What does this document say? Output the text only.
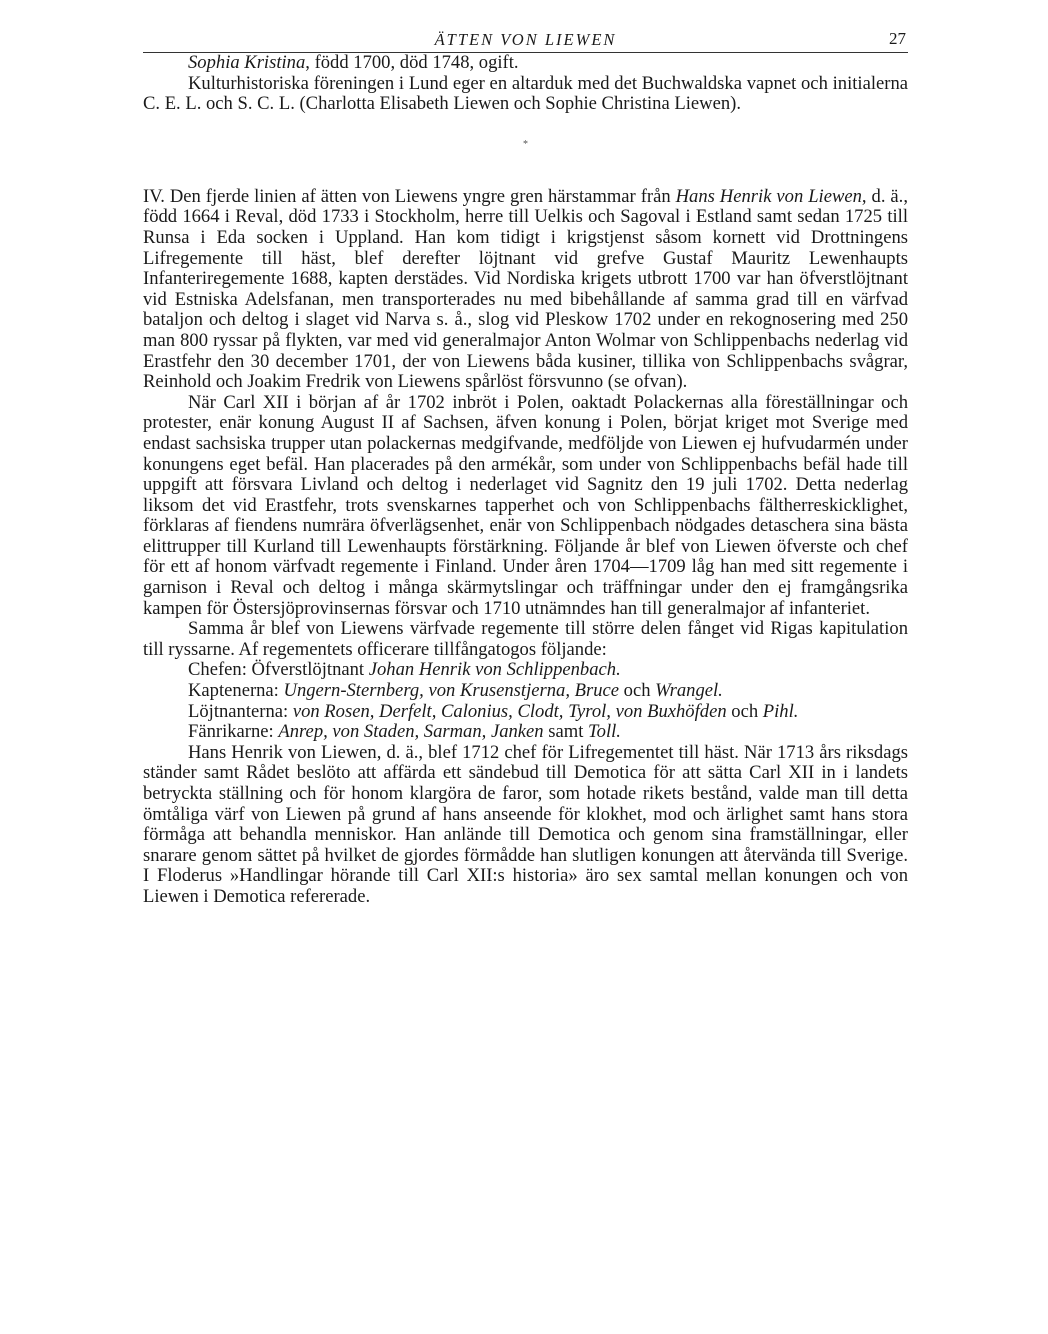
ÄTTEN VON LIEWEN	27

Sophia Kristina, född 1700, död 1748, ogift.

Kulturhistoriska föreningen i Lund eger en altarduk med det Buchwaldska vapnet och initialerna C. E. L. och S. C. L. (Charlotta Elisabeth Liewen och Sophie Christina Liewen).

*

IV. Den fjerde linien af ätten von Liewens yngre gren härstammar från Hans Henrik von Liewen, d. ä., född 1664 i Reval, död 1733 i Stockholm, herre till Uelkis och Sagoval i Estland samt sedan 1725 till Runsa i Eda socken i Uppland. Han kom tidigt i krigstjenst såsom kornett vid Drottningens Lifregemente till häst, blef derefter löjtnant vid grefve Gustaf Mauritz Lewenhaupts Infanteriregemente 1688, kapten derstädes. Vid Nordiska krigets utbrott 1700 var han öfverstlöjtnant vid Estniska Adelsfanan, men transporterades nu med bibehållande af samma grad till en värfvad bataljon och deltog i slaget vid Narva s. å., slog vid Pleskow 1702 under en rekognosering med 250 man 800 ryssar på flykten, var med vid generalmajor Anton Wolmar von Schlippenbachs nederlag vid Erastfehr den 30 december 1701, der von Liewens båda kusiner, tillika von Schlippenbachs svågrar, Reinhold och Joakim Fredrik von Liewens spårlöst försvunno (se ofvan).

När Carl XII i början af år 1702 inbröt i Polen, oaktadt Polackernas alla föreställningar och protester, enär konung August II af Sachsen, äfven konung i Polen, börjat kriget mot Sverige med endast sachsiska trupper utan polackernas medgifvande, medföljde von Liewen ej hufvudarmén under konungens eget befäl. Han placerades på den armékår, som under von Schlippenbachs befäl hade till uppgift att försvara Livland och deltog i nederlaget vid Sagnitz den 19 juli 1702. Detta nederlag liksom det vid Erastfehr, trots svenskarnes tapperhet och von Schlippenbachs fältherreskicklighet, förklaras af fiendens numrära öfverlägsenhet, enär von Schlippenbach nödgades detaschera sina bästa elittrupper till Kurland till Lewenhaupts förstärkning. Följande år blef von Liewen öfverste och chef för ett af honom värfvadt regemente i Finland. Under åren 1704—1709 låg han med sitt regemente i garnison i Reval och deltog i många skärmytslingar och träffningar under den ej framgångsrika kampen för Östersjöprovinsernas försvar och 1710 utnämndes han till generalmajor af infanteriet.

Samma år blef von Liewens värfvade regemente till större delen fånget vid Rigas kapitulation till ryssarne. Af regementets officerare tillfångatogos följande:

Chefen: Öfverstlöjtnant Johan Henrik von Schlippenbach.

Kaptenerna: Ungern-Sternberg, von Krusenstjerna, Bruce och Wrangel.

Löjtnanterna: von Rosen, Derfelt, Calonius, Clodt, Tyrol, von Buxhöfden och Pihl.

Fänrikarne: Anrep, von Staden, Sarman, Janken samt Toll.

Hans Henrik von Liewen, d. ä., blef 1712 chef för Lifregementet till häst. När 1713 års riksdags ständer samt Rådet beslöto att affärda ett sändebud till Demotica för att sätta Carl XII in i landets betryckta ställning och för honom klargöra de faror, som hotade rikets bestånd, valde man till detta ömtåliga värf von Liewen på grund af hans anseende för klokhet, mod och ärlighet samt hans stora förmåga att behandla menniskor. Han anlände till Demotica och genom sina framställningar, eller snarare genom sättet på hvilket de gjordes förmådde han slutligen konungen att återvända till Sverige. I Floderus »Handlingar hörande till Carl XII:s historia» äro sex samtal mellan konungen och von Liewen i Demotica refererade.
